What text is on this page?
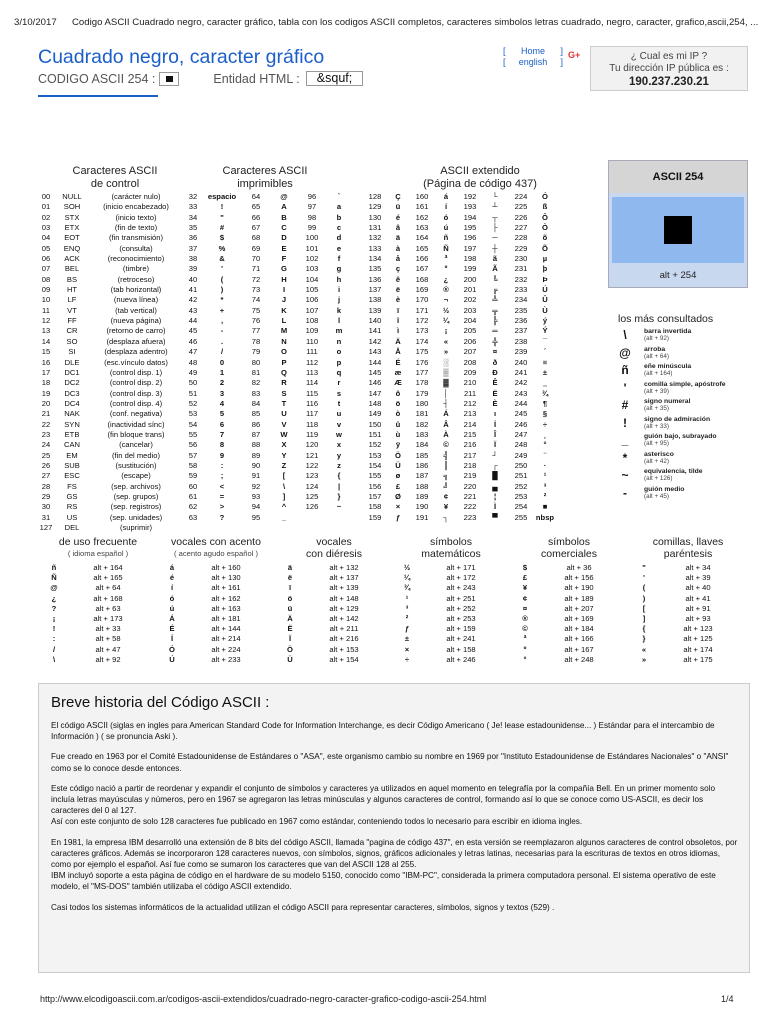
3/10/2017 Codigo ASCII Cuadrado negro, caracter gráfico, tabla con los codigos ASCII completos, caracteres simbolos letras cuadrado, negro, caracter, grafico,ascii,254, ...
Cuadrado negro, caracter gráfico
CODIGO ASCII 254 :	Entidad HTML :	&squf;
[ Home ]
[ english ]
G+	¿ Cual es mi IP ?
Tu dirección IP pública es :
190.237.230.21
Caracteres ASCII
de control
Caracteres ASCII
imprimibles
ASCII extendido
(Página de código 437)
00	NULL	(carácter nulo)
01	SOH	(inicio encabezado)
02	STX	(inicio texto)
03	ETX	(fin de texto)
04	EOT	(fin transmisión)
05	ENQ	(consulta)
06	ACK	(reconocimiento)
07	BEL	(timbre)
08	BS	(retroceso)
09	HT	(tab horizontal)
10	LF	(nueva línea)
11	VT	(tab vertical)
12	FF	(nueva página)
13	CR	(retorno de carro)
14	SO	(desplaza afuera)
15	SI	(desplaza adentro)
16	DLE	(esc.vínculo datos)
17	DC1	(control disp. 1)
18	DC2	(control disp. 2)
19	DC3	(control disp. 3)
20	DC4	(control disp. 4)
21	NAK	(conf. negativa)
22	SYN	(inactividad sínc)
23	ETB	(fin bloque trans)
24	CAN	(cancelar)
25	EM	(fin del medio)
26	SUB	(sustitución)
27	ESC	(escape)
28	FS	(sep. archivos)
29	GS	(sep. grupos)
30	RS	(sep. registros)
31	US	(sep. unidades)
127	DEL	(suprimir)
32	espacio	64	@	96	`
33	!	65	A	97	a
34	"	66	B	98	b
35	#	67	C	99	c
36	$	68	D	100	d
37	%	69	E	101	e
38	&	70	F	102	f
39	'	71	G	103	g
40	(	72	H	104	h
41	)	73	I	105	i
42	*	74	J	106	j
43	+	75	K	107	k
44	,	76	L	108	l
45	-	77	M	109	m
46	.	78	N	110	n
47	/	79	O	111	o
48	0	80	P	112	p
49	1	81	Q	113	q
50	2	82	R	114	r
51	3	83	S	115	s
52	4	84	T	116	t
53	5	85	U	117	u
54	6	86	V	118	v
55	7	87	W	119	w
56	8	88	X	120	x
57	9	89	Y	121	y
58	:	90	Z	122	z
59	;	91	[	123	{
60	<	92	\	124	|
61	=	93	]	125	}
62	>	94	^	126	~
63	?	95	_
128	Ç	160	á	192	└	224	Ó
129	ü	161	í	193	┴	225	ß
130	é	162	ó	194	┬	226	Ô
131	â	163	ú	195	├	227	Ò
132	ä	164	ñ	196	─	228	õ
133	à	165	Ñ	197	┼	229	Õ
134	å	166	ª	198	ã	230	µ
135	ç	167	º	199	Ã	231	þ
136	ê	168	¿	200	╚	232	Þ
137	ë	169	®	201	╔	233	Ú
138	è	170	¬	202	╩	234	Û
139	ï	171	½	203	╦	235	Ù
140	î	172	¼	204	╠	236	ý
141	ì	173	¡	205	═	237	Ý
142	Ä	174	«	206	╬	238	¯
143	Å	175	»	207	¤	239	´
144	É	176	░	208	ð	240	≡
145	æ	177	▒	209	Ð	241	±
146	Æ	178	▓	210	Ê	242	‗
147	ô	179	│	211	Ë	243	¾
148	ö	180	┤	212	È	244	¶
149	ò	181	Á	213	ı	245	§
150	û	182	Â	214	Í	246	÷
151	ù	183	À	215	Î	247	¸
152	ÿ	184	©	216	Ï	248	°
153	Ö	185	╣	217	┘	249	¨
154	Ü	186	║	218	┌	250	·
155	ø	187	╗	219	█	251	¹
156	£	188	╝	220	▄	252	³
157	Ø	189	¢	221	¦	253	²
158	×	190	¥	222	Ì	254	■
159	ƒ	191	┐	223	▀	255	nbsp
ASCII 254
alt + 254
los más consultados
\	barra invertida
(alt + 92)
@	arroba
(alt + 64)
ñ	eñe minúscula
(alt + 164)
'	comilla simple, apóstrofe
(alt + 39)
#	signo numeral
(alt + 35)
!	signo de admiración
(alt + 33)
_	guión bajo, subrayado
(alt + 95)
*	asterisco
(alt + 42)
~	equivalencia, tilde
(alt + 126)
-	guión medio
(alt + 45)
de uso frecuente
( idioma español )
ñ	alt + 164
Ñ	alt + 165
@	alt + 64
¿	alt + 168
?	alt + 63
¡	alt + 173
!	alt + 33
:	alt + 58
/	alt + 47
\	alt + 92
vocales con acento
( acento agudo español )
á	alt + 160
é	alt + 130
í	alt + 161
ó	alt + 162
ú	alt + 163
Á	alt + 181
É	alt + 144
Í	alt + 214
Ó	alt + 224
Ú	alt + 233
vocales
con diéresis
ä	alt + 132
ë	alt + 137
ï	alt + 139
ö	alt + 148
ü	alt + 129
Ä	alt + 142
Ë	alt + 211
Ï	alt + 216
Ö	alt + 153
Ü	alt + 154
símbolos
matemáticos
½	alt + 171
¼	alt + 172
¾	alt + 243
¹	alt + 251
³	alt + 252
²	alt + 253
ƒ	alt + 159
±	alt + 241
×	alt + 158
÷	alt + 246
símbolos
comerciales
$	alt + 36
£	alt + 156
¥	alt + 190
¢	alt + 189
¤	alt + 207
®	alt + 169
©	alt + 184
ª	alt + 166
º	alt + 167
°	alt + 248
comillas, llaves
paréntesis
"	alt + 34
'	alt + 39
(	alt + 40
)	alt + 41
[	alt + 91
]	alt + 93
{	alt + 123
}	alt + 125
«	alt + 174
»	alt + 175
Breve historia del Código ASCII :

El código ASCII (siglas en ingles para American Standard Code for Information Interchange, es decir Código Americano ( Je! lease estadounidense... ) Estándar para el intercambio de Información ) ( se pronuncia Aski ).

Fue creado en 1963 por el Comité Estadounidense de Estándares o "ASA", este organismo cambio su nombre en 1969 por "Instituto Estadounidense de Estándares Nacionales" o "ANSI" como se lo conoce desde entonces.

Este código nació a partir de reordenar y expandir el conjunto de símbolos y caracteres ya utilizados en aquel momento en telegrafía por la compañía Bell. En un primer momento solo incluía letras mayúsculas y números, pero en 1967 se agregaron las letras minúsculas y algunos caracteres de control, formando así lo que se conoce como US-ASCII, es decir los caracteres del 0 al 127.

Así con este conjunto de solo 128 caracteres fue publicado en 1967 como estándar, conteniendo todos lo necesario para escribir en idioma ingles.

En 1981, la empresa IBM desarrolló una extensión de 8 bits del código ASCII, llamada "pagina de código 437", en esta versión se reemplazaron algunos caracteres de control obsoletos, por caracteres gráficos. Además se incorporaron 128 caracteres nuevos, con símbolos, signos, gráficos adicionales y letras latinas, necesarias para la escrituras de textos en otros idiomas, como por ejemplo el español. Así fue como se sumaron los caracteres que van del ASCII 128 al 255.

IBM incluyó soporte a esta página de código en el hardware de su modelo 5150, conocido como "IBM-PC", considerada la primera computadora personal. El sistema operativo de este modelo, el "MS-DOS" también utilizaba el código ASCII extendido.

Casi todos los sistemas informáticos de la actualidad utilizan el código ASCII para representar caracteres, símbolos, signos y textos (529) .

http://www.elcodigoascii.com.ar/codigos-ascii-extendidos/cuadrado-negro-caracter-grafico-codigo-ascii-254.html	1/4
